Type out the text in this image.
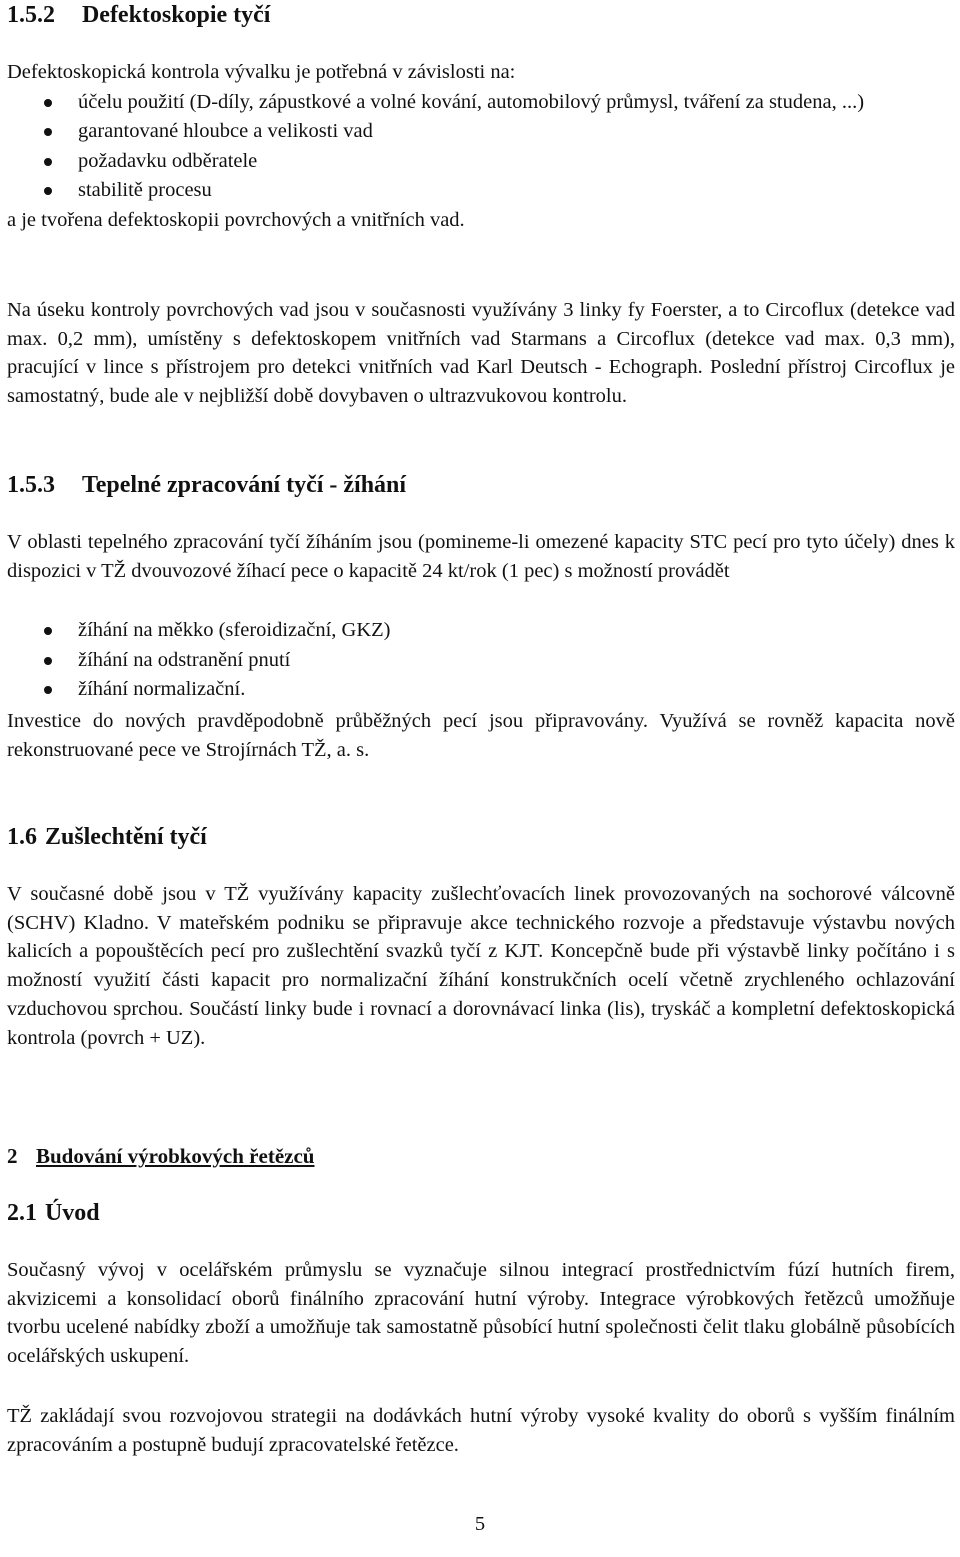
1.5.2 Defektoskopie tyčí
Defektoskopická kontrola vývalku je potřebná v závislosti na:
účelu použití (D-díly, zápustkové a volné kování, automobilový průmysl, tváření za studena, ...)
garantované hloubce a velikosti vad
požadavku odběratele
stabilitě procesu
a je tvořena defektoskopii povrchových a vnitřních vad.

Na úseku kontroly povrchových vad jsou v současnosti využívány 3 linky fy Foerster, a to Circoflux (detekce vad max. 0,2 mm), umístěny s defektoskopem vnitřních vad Starmans a Circoflux (detekce vad max. 0,3 mm), pracující v lince s přístrojem pro detekci vnitřních vad Karl Deutsch - Echograph. Poslední přístroj Circoflux je samostatný, bude ale v nejbližší době dovybaven o ultrazvukovou kontrolu.

1.5.3 Tepelné zpracování tyčí - žíhání

V oblasti tepelného zpracování tyčí žíháním jsou (pomineme-li omezené kapacity STC pecí pro tyto účely) dnes k dispozici v TŽ dvouvozové žíhací pece o kapacitě 24 kt/rok (1 pec) s možností provádět

žíhání na měkko (sferoidizační, GKZ)
žíhání na odstranění pnutí
žíhání normalizační.

Investice do nových pravděpodobně průběžných pecí jsou připravovány. Využívá se rovněž kapacita nově rekonstruované pece ve Strojírnách TŽ, a. s.

1.6 Zušlechtění tyčí

V současné době jsou v TŽ využívány kapacity zušlechťovacích linek provozovaných na sochorové válcovně (SCHV) Kladno. V mateřském podniku se připravuje akce technického rozvoje a představuje výstavbu nových kalicích a popouštěcích pecí pro zušlechtění svazků tyčí z KJT. Koncepčně bude při výstavbě linky počítáno i s možností využití části kapacit pro normalizační žíhání konstrukčních ocelí včetně zrychleného ochlazování vzduchovou sprchou. Součástí linky bude i rovnací a dorovnávací linka (lis), tryskáč a kompletní defektoskopická kontrola (povrch + UZ).

2 Budování výrobkových řetězců
2.1 Úvod

Současný vývoj v ocelářském průmyslu se vyznačuje silnou integrací prostřednictvím fúzí hutních firem, akvizicemi a konsolidací oborů finálního zpracování hutní výroby. Integrace výrobkových řetězců umožňuje tvorbu ucelené nabídky zboží a umožňuje tak samostatně působící hutní společnosti čelit tlaku globálně působících ocelářských uskupení.

TŽ zakládají svou rozvojovou strategii na dodávkách hutní výroby vysoké kvality do oborů s vyšším finálním zpracováním a postupně budují zpracovatelské řetězce.

5
